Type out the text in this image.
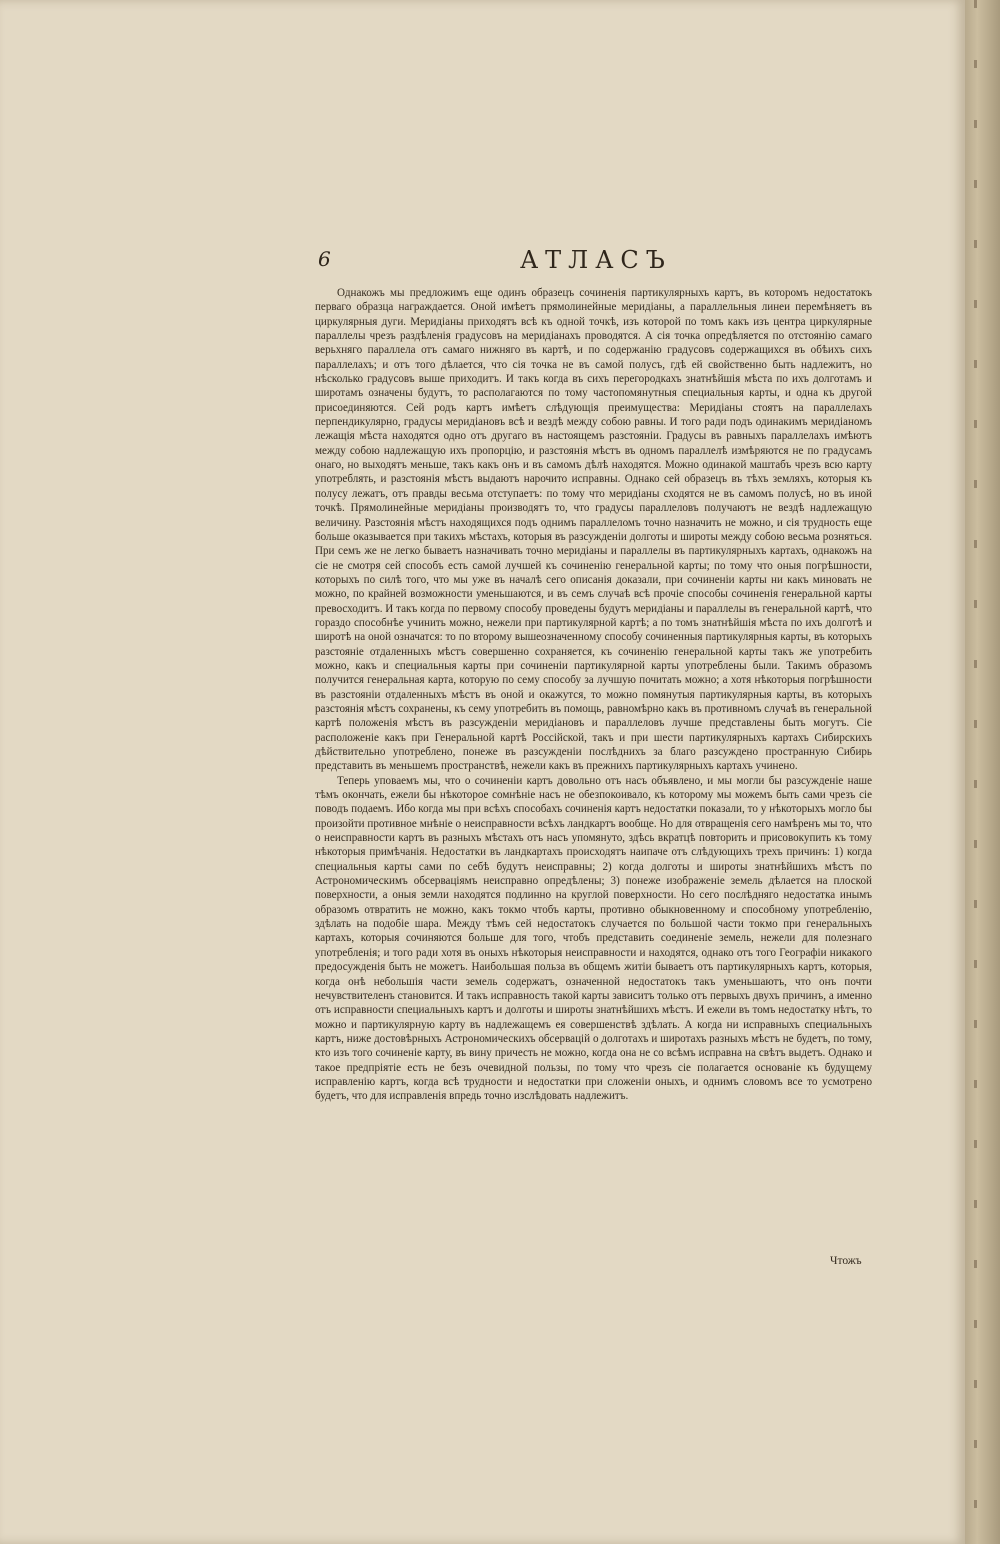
6	АТЛАСЪ

Однакожъ мы предложимъ еще одинъ образецъ сочиненія партикулярныхъ картъ, въ которомъ недостатокъ перваго образца награждается. Оной имѣетъ прямолинейные меридіаны, а параллельныя линеи перемѣняетъ въ циркулярныя дуги. Меридіаны приходятъ всѣ къ одной точкѣ, изъ которой по томъ какъ изъ центра циркулярные параллелы чрезъ раздѣленія градусовъ на меридіанахъ проводятся. А сія точка опредѣляется по отстоянію самаго верьхняго параллела отъ самаго нижняго въ картѣ, и по содержанію градусовъ содержащихся въ обѣихъ сихъ параллелахъ; и отъ того дѣлается, что сія точка не въ самой полусъ, гдѣ ей свойственно быть надлежитъ, но нѣсколько градусовъ выше приходитъ. И такъ когда въ сихъ перегородкахъ знатнѣйшія мѣста по ихъ долготамъ и широтамъ означены будутъ, то располагаются по тому частопомянутныя специальныя карты, и одна къ другой присоединяются. Сей родъ картъ имѣетъ слѣдующія преимущества: Меридіаны стоятъ на параллелахъ перпендикулярно, градусы меридіановъ всѣ и вездѣ между собою равны. И того ради подъ одинакимъ меридіаномъ лежащія мѣста находятся одно отъ другаго въ настоящемъ разстояніи. Градусы въ равныхъ параллелахъ имѣютъ между собою надлежащую ихъ пропорцію, и разстоянія мѣстъ въ одномъ параллелѣ измѣряются не по градусамъ онаго, но выходятъ меньше, такъ какъ онъ и въ самомъ дѣлѣ находятся. Можно одинакой маштабъ чрезъ всю карту употреблять, и разстоянія мѣстъ выдаютъ нарочито исправны. Однако сей образецъ въ тѣхъ земляхъ, которыя къ полусу лежатъ, отъ правды весьма отступаетъ: по тому что меридіаны сходятся не въ самомъ полусѣ, но въ иной точкѣ. Прямолинейные меридіаны производятъ то, что градусы параллеловъ получаютъ не вездѣ надлежащую величину. Разстоянія мѣстъ находящихся подъ однимъ параллеломъ точно назначить не можно, и сія трудность еще больше оказывается при такихъ мѣстахъ, которыя въ разсужденіи долготы и широты между собою весьма розняться. При семъ же не легко бываетъ назначивать точно меридіаны и параллелы въ партикулярныхъ картахъ, однакожъ на сіе не смотря сей способъ есть самой лучшей къ сочиненію генеральной карты; по тому что оныя погрѣшности, которыхъ по силѣ того, что мы уже въ началѣ сего описанія доказали, при сочиненіи карты ни какъ миновать не можно, по крайней возможности уменьшаются, и въ семъ случаѣ всѣ прочіе способы сочиненія генеральной карты превосходитъ. И такъ когда по первому способу проведены будутъ меридіаны и параллелы въ генеральной картѣ, что гораздо способнѣе учинить можно, нежели при партикулярной картѣ; а по томъ знатнѣйшія мѣста по ихъ долготѣ и широтѣ на оной означатся: то по второму вышеозначенному способу сочиненныя партикулярныя карты, въ которыхъ разстояніе отдаленныхъ мѣстъ совершенно сохраняется, къ сочиненію генеральной карты такъ же употребить можно, какъ и специальныя карты при сочиненіи партикулярной карты употреблены были. Такимъ образомъ получится генеральная карта, которую по сему способу за лучшую почитать можно; а хотя нѣкоторыя погрѣшности въ разстояніи отдаленныхъ мѣстъ въ оной и окажутся, то можно помянутыя партикулярныя карты, въ которыхъ разстоянія мѣстъ сохранены, къ сему употребить въ помощь, равномѣрно какъ въ противномъ случаѣ въ генеральной картѣ положенія мѣстъ въ разсужденіи меридіановъ и параллеловъ лучше представлены быть могутъ. Сіе расположеніе какъ при Генеральной картѣ Россійской, такъ и при шести партикулярныхъ картахъ Сибирскихъ дѣйствительно употреблено, понеже въ разсужденіи послѣднихъ за благо разсуждено пространную Сибирь представить въ меньшемъ пространствѣ, нежели какъ въ прежнихъ партикулярныхъ картахъ учинено.

Теперь уповаемъ мы, что о сочиненіи картъ довольно отъ насъ объявлено, и мы могли бы разсужденіе наше тѣмъ окончать, ежели бы нѣкоторое сомнѣніе насъ не обезпокоивало, къ которому мы можемъ быть сами чрезъ сіе поводъ подаемъ. Ибо когда мы при всѣхъ способахъ сочиненія картъ недостатки показали, то у нѣкоторыхъ могло бы произойти противное мнѣніе о неисправности всѣхъ ландкартъ вообще. Но для отвращенія сего намѣренъ мы то, что о неисправности картъ въ разныхъ мѣстахъ отъ насъ упомянуто, здѣсь вкратцѣ повторить и присовокупить къ тому нѣкоторыя примѣчанія. Недостатки въ ландкартахъ происходятъ наипаче отъ слѣдующихъ трехъ причинъ: 1) когда специальныя карты сами по себѣ будутъ неисправны; 2) когда долготы и широты знатнѣйшихъ мѣстъ по Астрономическимъ обсерваціямъ неисправно опредѣлены; 3) понеже изображеніе земель дѣлается на плоской поверхности, а оныя земли находятся подлинно на круглой поверхности. Но сего послѣдняго недостатка инымъ образомъ отвратить не можно, какъ токмо чтобъ карты, противно обыкновенному и способному употребленію, здѣлать на подобіе шара. Между тѣмъ сей недостатокъ случается по большой части токмо при генеральныхъ картахъ, которыя сочиняются больше для того, чтобъ представить соединеніе земель, нежели для полезнаго употребленія; и того ради хотя въ оныхъ нѣкоторыя неисправности и находятся, однако отъ того Географіи никакого предосужденія быть не можетъ. Наибольшая польза въ общемъ житіи бываетъ отъ партикулярныхъ картъ, которыя, когда онѣ небольшія части земель содержатъ, означенной недостатокъ такъ уменьшаютъ, что онъ почти нечувствителенъ становится. И такъ исправность такой карты зависитъ только отъ первыхъ двухъ причинъ, а именно отъ исправности специальныхъ картъ и долготы и широты знатнѣйшихъ мѣстъ. И ежели въ томъ недостатку нѣтъ, то можно и партикулярную карту въ надлежащемъ ея совершенствѣ здѣлать. А когда ни исправныхъ специальныхъ картъ, ниже достовѣрныхъ Астрономическихъ обсервацій о долготахъ и широтахъ разныхъ мѣстъ не будетъ, по тому, кто изъ того сочиненіе карту, въ вину причесть не можно, когда она не со всѣмъ исправна на свѣтъ выдетъ. Однако и такое предпріятіе есть не безъ очевидной пользы, по тому что чрезъ сіе полагается основаніе къ будущему исправленію картъ, когда всѣ трудности и недостатки при сложеніи оныхъ, и однимъ словомъ все то усмотрено будетъ, что для исправленія впредь точно изслѣдовать надлежитъ.

Чтожъ
